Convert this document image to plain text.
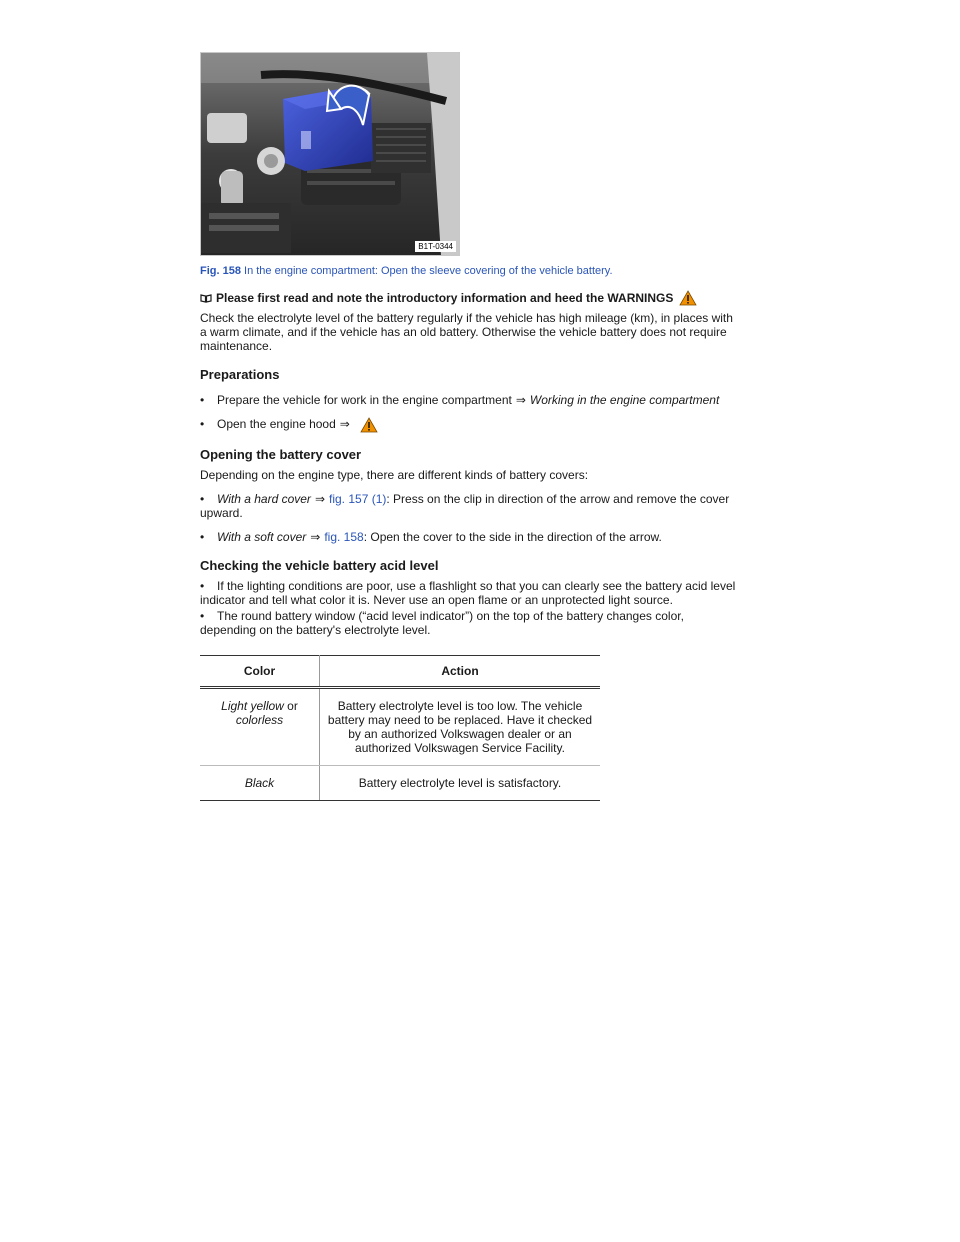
B1T-0344
Fig. 158 In the engine compartment: Open the sleeve covering of the vehicle battery.
Please first read and note the introductory information and heed the WARNINGS

Check the electrolyte level of the battery regularly if the vehicle has high mileage (km), in places with a warm climate, and if the vehicle has an old battery. Otherwise the vehicle battery does not require maintenance.

Preparations
• Prepare the vehicle for work in the engine compartment ⇒ Working in the engine compartment
• Open the engine hood ⇒
Opening the battery cover

Depending on the engine type, there are different kinds of battery covers:

• With a hard cover ⇒ fig. 157 (1): Press on the clip in direction of the arrow and remove the cover upward.
• With a soft cover ⇒ fig. 158: Open the cover to the side in the direction of the arrow.
Checking the vehicle battery acid level
• If the lighting conditions are poor, use a flashlight so that you can clearly see the battery acid level indicator and tell what color it is. Never use an open flame or an unprotected light source.
• The round battery window (“acid level indicator”) on the top of the battery changes color, depending on the battery's electrolyte level.
Color	Action
Light yellow or
colorless	Battery electrolyte level is too low. The vehicle battery may need to be replaced. Have it checked by an authorized Volkswagen dealer or an authorized Volkswagen Service Facility.
Black	Battery electrolyte level is satisfactory.
